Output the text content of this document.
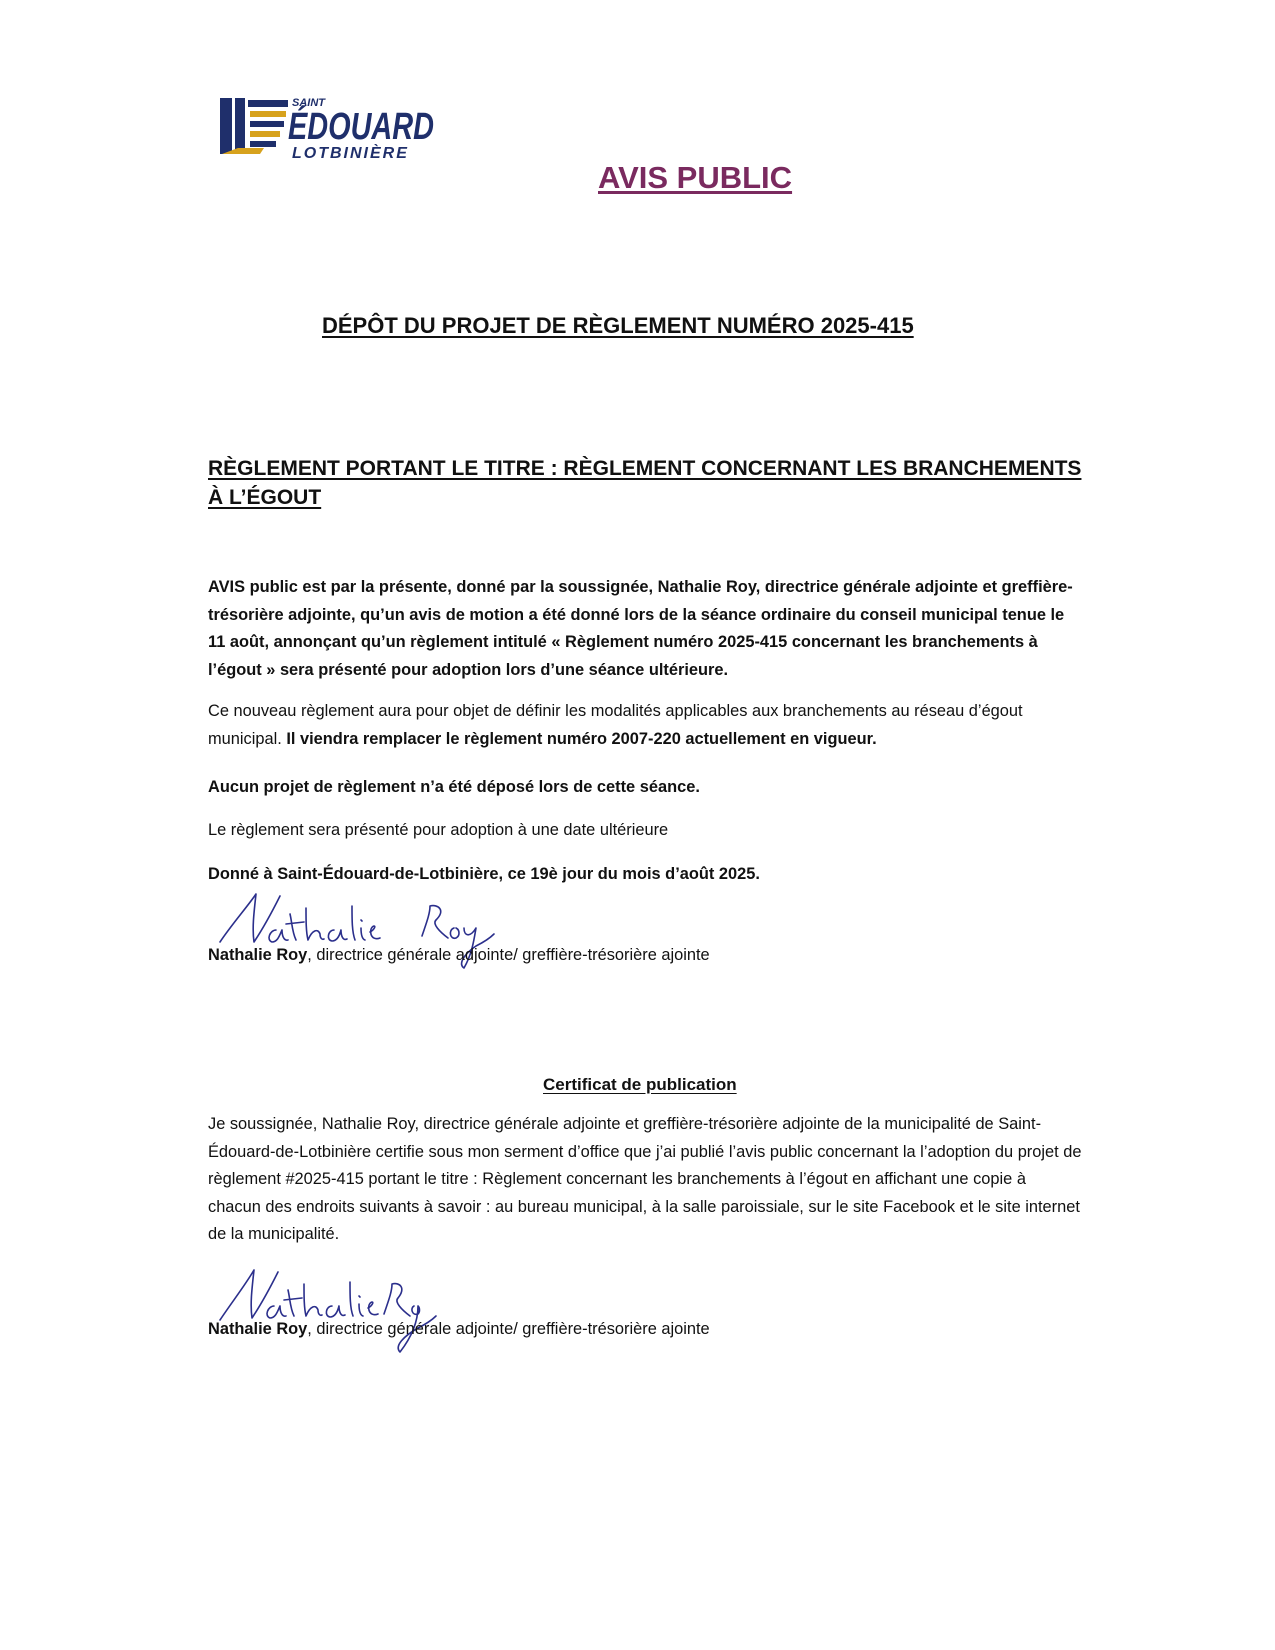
SAINT
ÉDOUARD
LOTBINIÈRE
AVIS PUBLIC
DÉPÔT DU PROJET DE RÈGLEMENT NUMÉRO 2025-415
RÈGLEMENT PORTANT LE TITRE : RÈGLEMENT CONCERNANT LES BRANCHEMENTS À L’ÉGOUT
AVIS public est par la présente, donné par la soussignée, Nathalie Roy, directrice générale adjointe et greffière-trésorière adjointe, qu’un avis de motion a été donné lors de la séance ordinaire du conseil municipal tenue le 11 août, annonçant qu’un règlement intitulé « Règlement numéro 2025-415 concernant les branchements à l’égout » sera présenté pour adoption lors d’une séance ultérieure.
Ce nouveau règlement aura pour objet de définir les modalités applicables aux branchements au réseau d’égout municipal. Il viendra remplacer le règlement numéro 2007-220 actuellement en vigueur.
Aucun projet de règlement n’a été déposé lors de cette séance.
Le règlement sera présenté pour adoption à une date ultérieure
Donné à Saint-Édouard-de-Lotbinière, ce 19è jour du mois d’août 2025.
Nathalie Roy, directrice générale adjointe/ greffière-trésorière ajointe
Certificat de publication
Je soussignée, Nathalie Roy, directrice générale adjointe et greffière-trésorière adjointe de la municipalité de Saint-Édouard-de-Lotbinière certifie sous mon serment d’office que j’ai publié l’avis public concernant la l’adoption du projet de règlement #2025-415 portant le titre : Règlement concernant les branchements à l’égout en affichant une copie à chacun des endroits suivants à savoir : au bureau municipal, à la salle paroissiale, sur le site Facebook et le site internet de la municipalité.
Nathalie Roy, directrice générale adjointe/ greffière-trésorière ajointe
